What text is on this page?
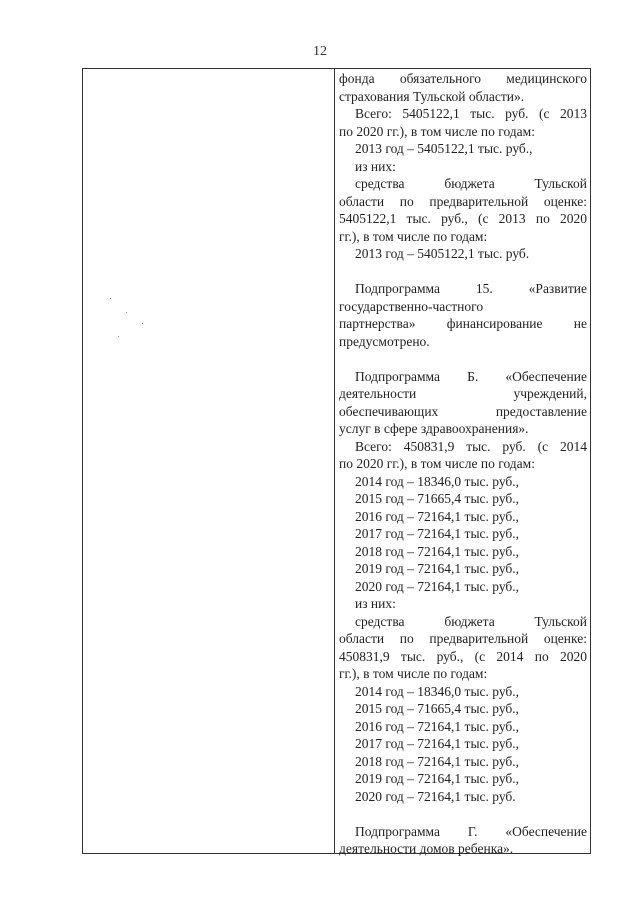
12
фонда обязательного медицинского
страхования Тульской области».
Всего: 5405122,1 тыс. руб. (с 2013
по 2020 гг.), в том числе по годам:
2013 год – 5405122,1 тыс. руб.,
из них:
средства бюджета Тульской
области по предварительной оценке:
5405122,1 тыс. руб., (с 2013 по 2020
гг.), в том числе по годам:
2013 год – 5405122,1 тыс. руб.
Подпрограмма 15. «Развитие
государственно-частного
партнерства» финансирование не
предусмотрено.
Подпрограмма Б. «Обеспечение
деятельности учреждений,
обеспечивающих предоставление
услуг в сфере здравоохранения».
Всего: 450831,9 тыс. руб. (с 2014
по 2020 гг.), в том числе по годам:
2014 год – 18346,0 тыс. руб.,
2015 год – 71665,4 тыс. руб.,
2016 год – 72164,1 тыс. руб.,
2017 год – 72164,1 тыс. руб.,
2018 год – 72164,1 тыс. руб.,
2019 год – 72164,1 тыс. руб.,
2020 год – 72164,1 тыс. руб.,
из них:
средства бюджета Тульской
области по предварительной оценке:
450831,9 тыс. руб., (с 2014 по 2020
гг.), в том числе по годам:
2014 год – 18346,0 тыс. руб.,
2015 год – 71665,4 тыс. руб.,
2016 год – 72164,1 тыс. руб.,
2017 год – 72164,1 тыс. руб.,
2018 год – 72164,1 тыс. руб.,
2019 год – 72164,1 тыс. руб.,
2020 год – 72164,1 тыс. руб.
Подпрограмма Г. «Обеспечение
деятельности домов ребенка».
